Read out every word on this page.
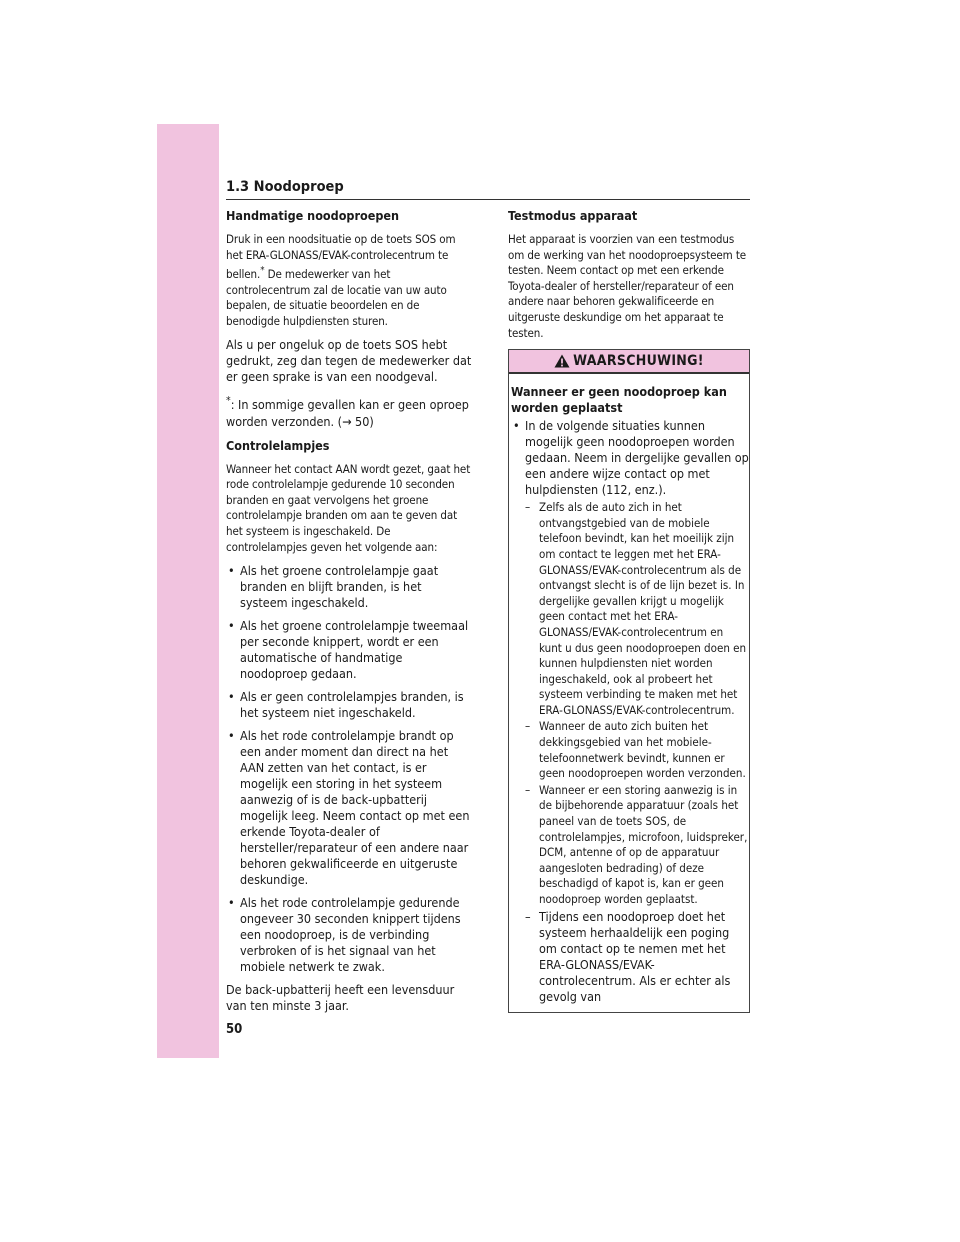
1.3 Noodoproep
Handmatige noodoproepen

Druk in een noodsituatie op de toets SOS om het ERA-GLONASS/EVAK-controlecentrum te bellen.* De medewerker van het controlecentrum zal de locatie van uw auto bepalen, de situatie beoordelen en de benodigde hulpdiensten sturen.

Als u per ongeluk op de toets SOS hebt gedrukt, zeg dan tegen de medewerker dat er geen sprake is van een noodgeval.

*: In sommige gevallen kan er geen oproep worden verzonden. (→ 50)

Controlelampjes

Wanneer het contact AAN wordt gezet, gaat het rode controlelampje gedurende 10 seconden branden en gaat vervolgens het groene controlelampje branden om aan te geven dat het systeem is ingeschakeld. De controlelampjes geven het volgende aan:

• Als het groene controlelampje gaat branden en blijft branden, is het systeem ingeschakeld.
• Als het groene controlelampje tweemaal per seconde knippert, wordt er een automatische of handmatige noodoproep gedaan.
• Als er geen controlelampjes branden, is het systeem niet ingeschakeld.
• Als het rode controlelampje brandt op een ander moment dan direct na het AAN zetten van het contact, is er mogelijk een storing in het systeem aanwezig of is de back-upbatterij mogelijk leeg. Neem contact op met een erkende Toyota-dealer of hersteller/reparateur of een andere naar behoren gekwalificeerde en uitgeruste deskundige.
• Als het rode controlelampje gedurende ongeveer 30 seconden knippert tijdens een noodoproep, is de verbinding verbroken of is het signaal van het mobiele netwerk te zwak.

De back-upbatterij heeft een levensduur van ten minste 3 jaar.

Testmodus apparaat

Het apparaat is voorzien van een testmodus om de werking van het noodoproepsysteem te testen. Neem contact op met een erkende Toyota-dealer of hersteller/reparateur of een andere naar behoren gekwalificeerde en uitgeruste deskundige om het apparaat te testen.

WAARSCHUWING!
Wanneer er geen noodoproep kan worden geplaatst
• In de volgende situaties kunnen mogelijk geen noodoproepen worden gedaan. Neem in dergelijke gevallen op een andere wijze contact op met hulpdiensten (112, enz.).
– Zelfs als de auto zich in het ontvangstgebied van de mobiele telefoon bevindt, kan het moeilijk zijn om contact te leggen met het ERA-GLONASS/EVAK-controlecentrum als de ontvangst slecht is of de lijn bezet is. In dergelijke gevallen krijgt u mogelijk geen contact met het ERA-GLONASS/EVAK-controlecentrum en kunt u dus geen noodoproepen doen en kunnen hulpdiensten niet worden ingeschakeld, ook al probeert het systeem verbinding te maken met het ERA-GLONASS/EVAK-controlecentrum.
– Wanneer de auto zich buiten het dekkingsgebied van het mobiele-telefoonnetwerk bevindt, kunnen er geen noodoproepen worden verzonden.
– Wanneer er een storing aanwezig is in de bijbehorende apparatuur (zoals het paneel van de toets SOS, de controlelampjes, microfoon, luidspreker, DCM, antenne of op de apparatuur aangesloten bedrading) of deze beschadigd of kapot is, kan er geen noodoproep worden geplaatst.
– Tijdens een noodoproep doet het systeem herhaaldelijk een poging om contact op te nemen met het ERA-GLONASS/EVAK- controlecentrum. Als er echter als gevolg van
50
